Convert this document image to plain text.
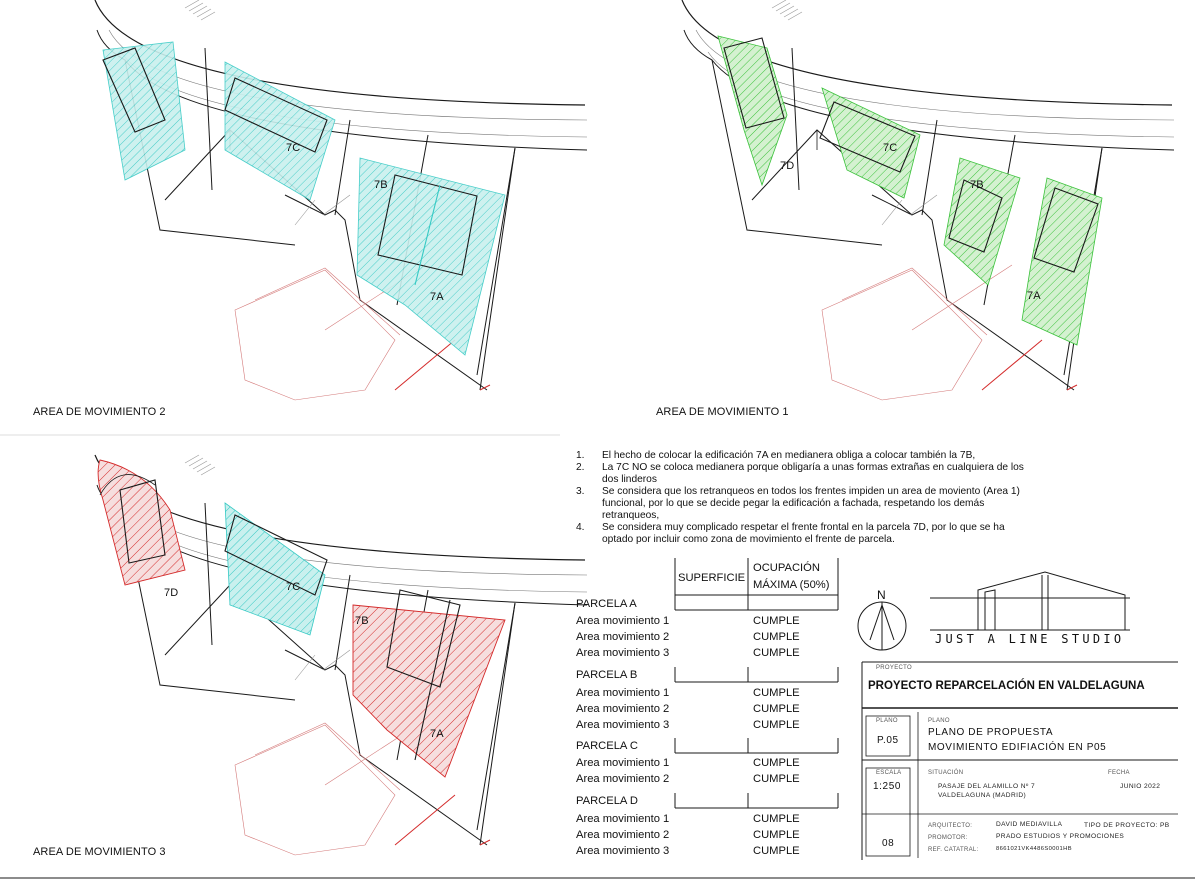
7C
7B
7A
AREA DE MOVIMIENTO 2
7D
7C
7B
7A
AREA DE MOVIMIENTO 1
7D	7C
7B
7A
AREA DE MOVIMIENTO 3
1. El hecho de colocar la edificación 7A en medianera obliga a colocar también la 7B,
2. La 7C NO se coloca medianera porque obligaría a unas formas extrañas en cualquiera de los dos linderos
3. Se considera que los retranqueos en todos los frentes impiden un area de moviento (Area 1) funcional, por lo que se decide pegar la edificación a fachada, respetando los demás retranqueos,
4. Se considera muy complicado respetar el frente frontal en la parcela 7D, por lo que se ha optado por incluir como zona de movimiento el frente de parcela.
SUPERFICIE
OCUPACIÓN
MÁXIMA (50%)
PARCELA A
Area movimiento 1	CUMPLE
Area movimiento 2	CUMPLE
Area movimiento 3	CUMPLE
PARCELA B
Area movimiento 1	CUMPLE
Area movimiento 2	CUMPLE
Area movimiento 3	CUMPLE
PARCELA C
Area movimiento 1	CUMPLE
Area movimiento 2	CUMPLE
PARCELA D
Area movimiento 1	CUMPLE
Area movimiento 2	CUMPLE
Area movimiento 3	CUMPLE
N
JUST A LINE STUDIO
PROYECTO
PROYECTO REPARCELACIÓN EN VALDELAGUNA
PLANO
P.05
PLANO
PLANO DE PROPUESTA
MOVIMIENTO EDIFIACIÓN EN P05
ESCALA
1:250
SITUACIÓN
PASAJE DEL ALAMILLO Nº 7
VALDELAGUNA (MADRID)
FECHA
JUNIO 2022
ARQUITECTO:	DAVID MEDIAVILLA	TIPO DE PROYECTO: PB
PROMOTOR:	PRADO ESTUDIOS Y PROMOCIONES
REF. CATATRAL:	8661021VK4486S0001HB
08
